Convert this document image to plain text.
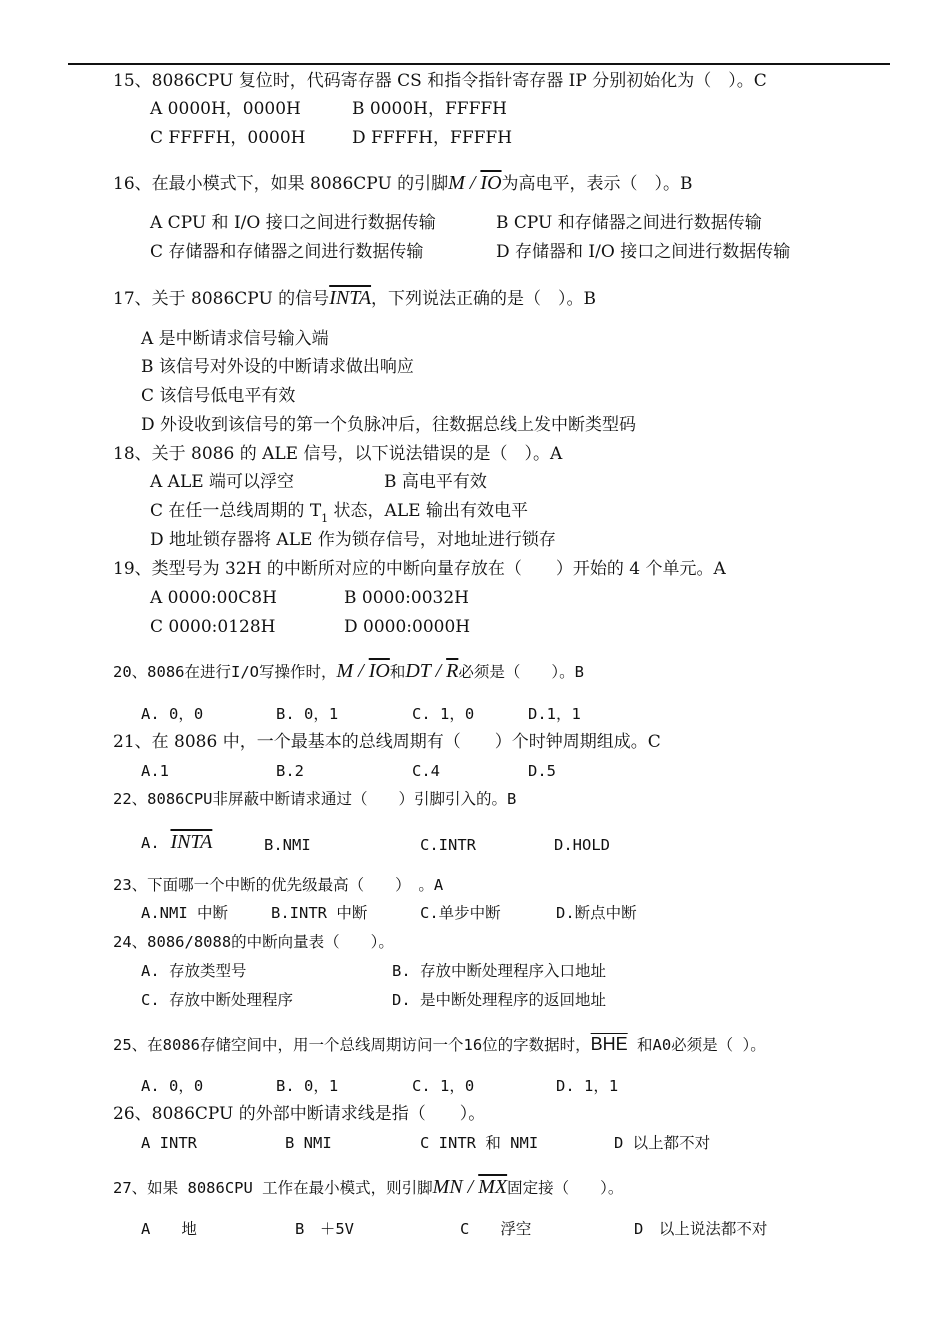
15、8086CPU 复位时，代码寄存器 CS 和指令指针寄存器 IP 分别初始化为（　）。C
A 0000H，0000H	B 0000H，FFFFH
C FFFFH，0000H	D FFFFH，FFFFH
16、在最小模式下，如果 8086CPU 的引脚M / $\overline{IO}$为高电平，表示（　）。B
A CPU 和 I/O 接口之间进行数据传输	B CPU 和存储器之间进行数据传输
C 存储器和存储器之间进行数据传输	D 存储器和 I/O 接口之间进行数据传输
17、关于 8086CPU 的信号INTA，下列说法正确的是（　）。B
A 是中断请求信号输入端
B 该信号对外设的中断请求做出响应
C 该信号低电平有效
D 外设收到该信号的第一个负脉冲后，往数据总线上发中断类型码
18、关于 8086 的 ALE 信号，以下说法错误的是（　）。A
A ALE 端可以浮空	B 高电平有效
C 在任一总线周期的 $T_1$ 状态，ALE 输出有效电平
D 地址锁存器将 ALE 作为锁存信号，对地址进行锁存
19、类型号为 32H 的中断所对应的中断向量存放在（　　）开始的 4 个单元。A
A 0000:00C8H	B 0000:0032H
C 0000:0128H	D 0000:0000H
20、8086在进行I/O写操作时，M / $\overline{IO}$和DT / $\overline{R}$必须是（　　）。B
A. 0，0	B. 0，1	C. 1，0	D.1，1
21、在 8086 中，一个最基本的总线周期有（　　）个时钟周期组成。C
A.1	B.2	C.4	D.5
22、8086CPU非屏蔽中断请求通过（　　）引脚引入的。B
A. INTA	B.NMI	C.INTR	D.HOLD
23、下面哪一个中断的优先级最高（　　）　。A
A.NMI 中断	B.INTR 中断	C.单步中断	D.断点中断
24、8086/8088的中断向量表（　　）。
A. 存放类型号	B. 存放中断处理程序入口地址
C. 存放中断处理程序	D. 是中断处理程序的返回地址
25、在8086存储空间中，用一个总线周期访问一个16位的字数据时，$\overline{BHE}$ 和A0必须是（ ）。
A. 0，0	B. 0，1	C. 1，0	D. 1，1
26、8086CPU 的外部中断请求线是指（　　）。
A INTR	B NMI	C INTR 和 NMI	D 以上都不对
27、如果 8086CPU 工作在最小模式，则引脚MN / $\overline{MX}$固定接（　　）。
A　　地	B　＋5V	C　　浮空	D　以上说法都不对
